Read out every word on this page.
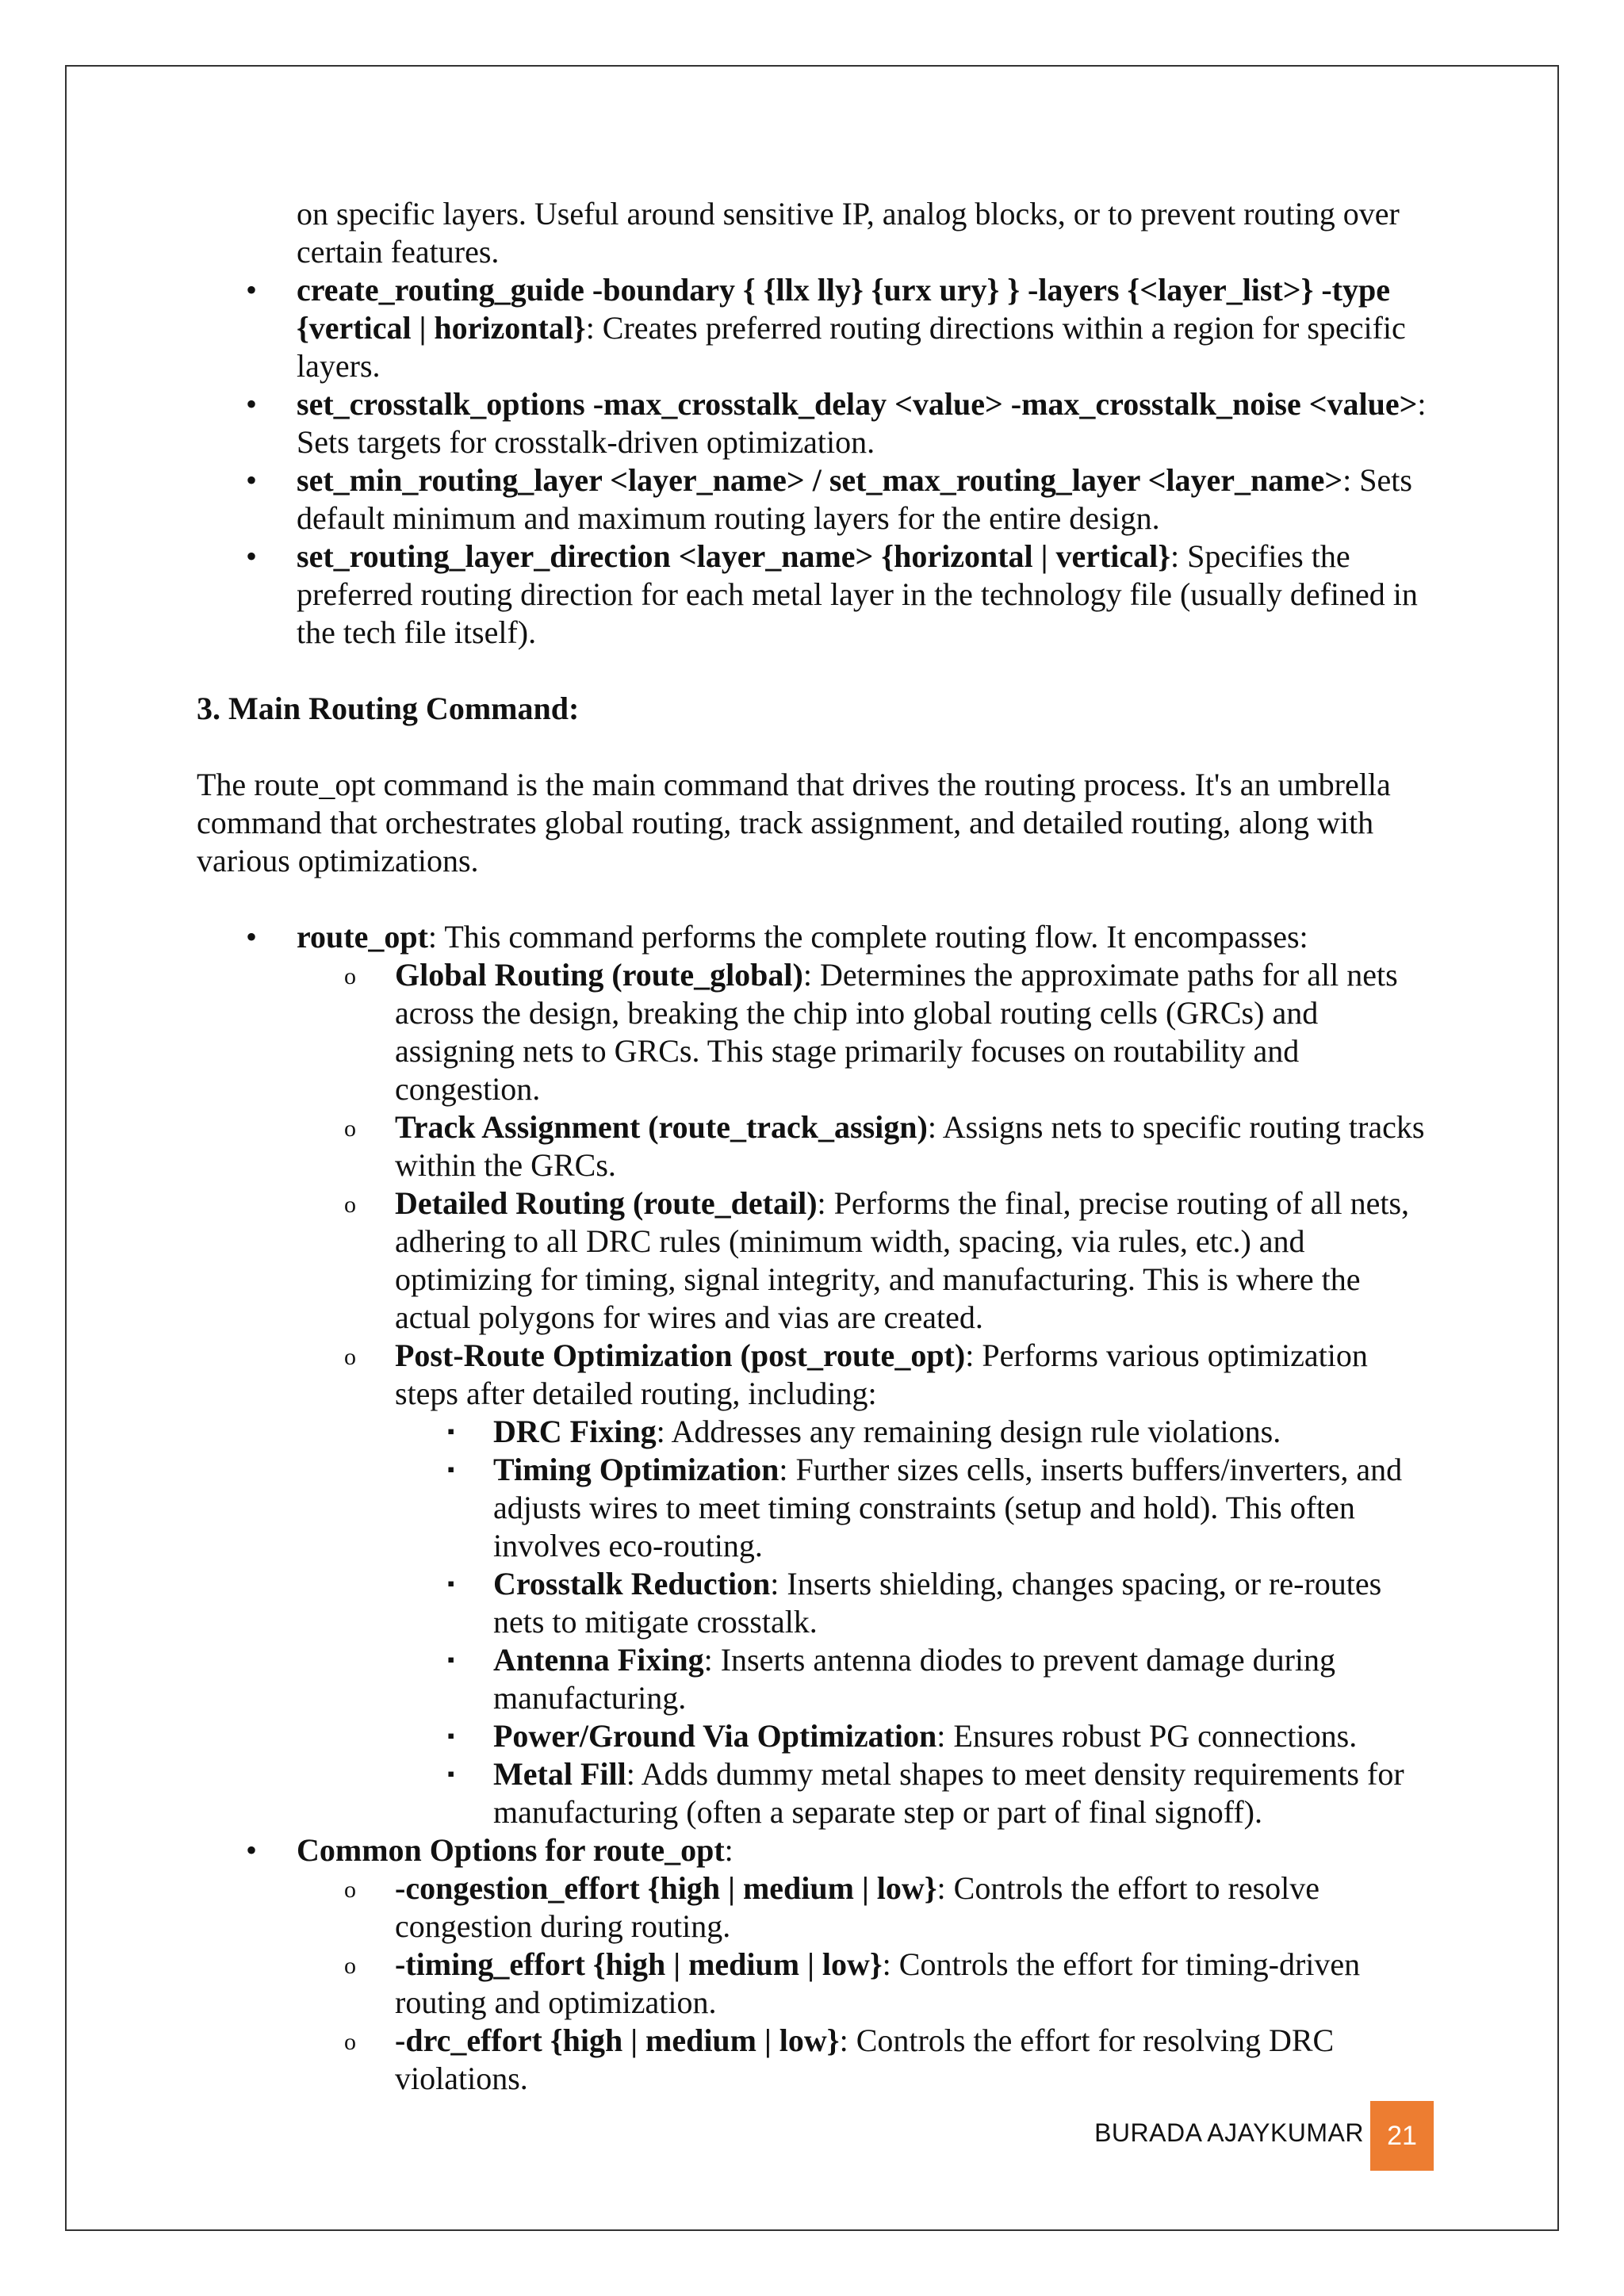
on specific layers. Useful around sensitive IP, analog blocks, or to prevent routing over certain features.

• create_routing_guide -boundary { {llx lly} {urx ury} } -layers {<layer_list>} -type {vertical | horizontal}: Creates preferred routing directions within a region for specific layers.
• set_crosstalk_options -max_crosstalk_delay <value> -max_crosstalk_noise <value>: Sets targets for crosstalk-driven optimization.
• set_min_routing_layer <layer_name> / set_max_routing_layer <layer_name>: Sets default minimum and maximum routing layers for the entire design.
• set_routing_layer_direction <layer_name> {horizontal | vertical}: Specifies the preferred routing direction for each metal layer in the technology file (usually defined in the tech file itself).

3. Main Routing Command:

The route_opt command is the main command that drives the routing process. It's an umbrella command that orchestrates global routing, track assignment, and detailed routing, along with various optimizations.

• route_opt: This command performs the complete routing flow. It encompasses:
o Global Routing (route_global): Determines the approximate paths for all nets across the design, breaking the chip into global routing cells (GRCs) and assigning nets to GRCs. This stage primarily focuses on routability and congestion.
o Track Assignment (route_track_assign): Assigns nets to specific routing tracks within the GRCs.
o Detailed Routing (route_detail): Performs the final, precise routing of all nets, adhering to all DRC rules (minimum width, spacing, via rules, etc.) and optimizing for timing, signal integrity, and manufacturing. This is where the actual polygons for wires and vias are created.
o Post-Route Optimization (post_route_opt): Performs various optimization steps after detailed routing, including:
▪ DRC Fixing: Addresses any remaining design rule violations.
▪ Timing Optimization: Further sizes cells, inserts buffers/inverters, and adjusts wires to meet timing constraints (setup and hold). This often involves eco-routing.
▪ Crosstalk Reduction: Inserts shielding, changes spacing, or re-routes nets to mitigate crosstalk.
▪ Antenna Fixing: Inserts antenna diodes to prevent damage during manufacturing.
▪ Power/Ground Via Optimization: Ensures robust PG connections.
▪ Metal Fill: Adds dummy metal shapes to meet density requirements for manufacturing (often a separate step or part of final signoff).
• Common Options for route_opt:
o -congestion_effort {high | medium | low}: Controls the effort to resolve congestion during routing.
o -timing_effort {high | medium | low}: Controls the effort for timing-driven routing and optimization.
o -drc_effort {high | medium | low}: Controls the effort for resolving DRC violations.
BURADA AJAYKUMAR 21
